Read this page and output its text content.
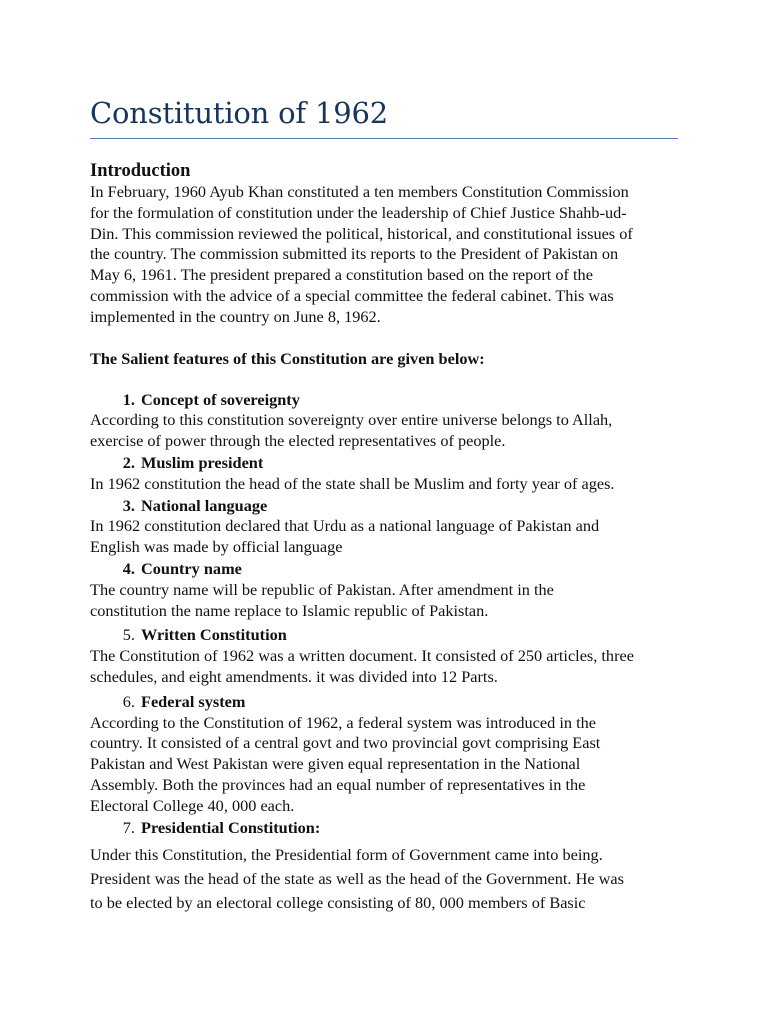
Constitution of 1962
Introduction

In February, 1960 Ayub Khan constituted a ten members Constitution Commission

for the formulation of constitution under the leadership of Chief Justice Shahb-ud-

Din. This commission reviewed the political, historical, and constitutional issues of

the country. The commission submitted its reports to the President of Pakistan on

May 6, 1961. The president prepared a constitution based on the report of the

commission with the advice of a special committee the federal cabinet. This was

implemented in the country on June 8, 1962.

The Salient features of this Constitution are given below:

1. Concept of sovereignty

According to this constitution sovereignty over entire universe belongs to Allah,

exercise of power through the elected representatives of people.

2. Muslim president

In 1962 constitution the head of the state shall be Muslim and forty year of ages.

3. National language

In 1962 constitution declared that Urdu as a national language of Pakistan and

English was made by official language

4. Country name

The country name will be republic of Pakistan. After amendment in the

constitution the name replace to Islamic republic of Pakistan.

5. Written Constitution

The Constitution of 1962 was a written document. It consisted of 250 articles, three

schedules, and eight amendments. it was divided into 12 Parts.

6. Federal system

According to the Constitution of 1962, a federal system was introduced in the

country. It consisted of a central govt and two provincial govt comprising East

Pakistan and West Pakistan were given equal representation in the National

Assembly. Both the provinces had an equal number of representatives in the

Electoral College 40, 000 each.

7. Presidential Constitution:

Under this Constitution, the Presidential form of Government came into being.

President was the head of the state as well as the head of the Government. He was

to be elected by an electoral college consisting of 80, 000 members of Basic
